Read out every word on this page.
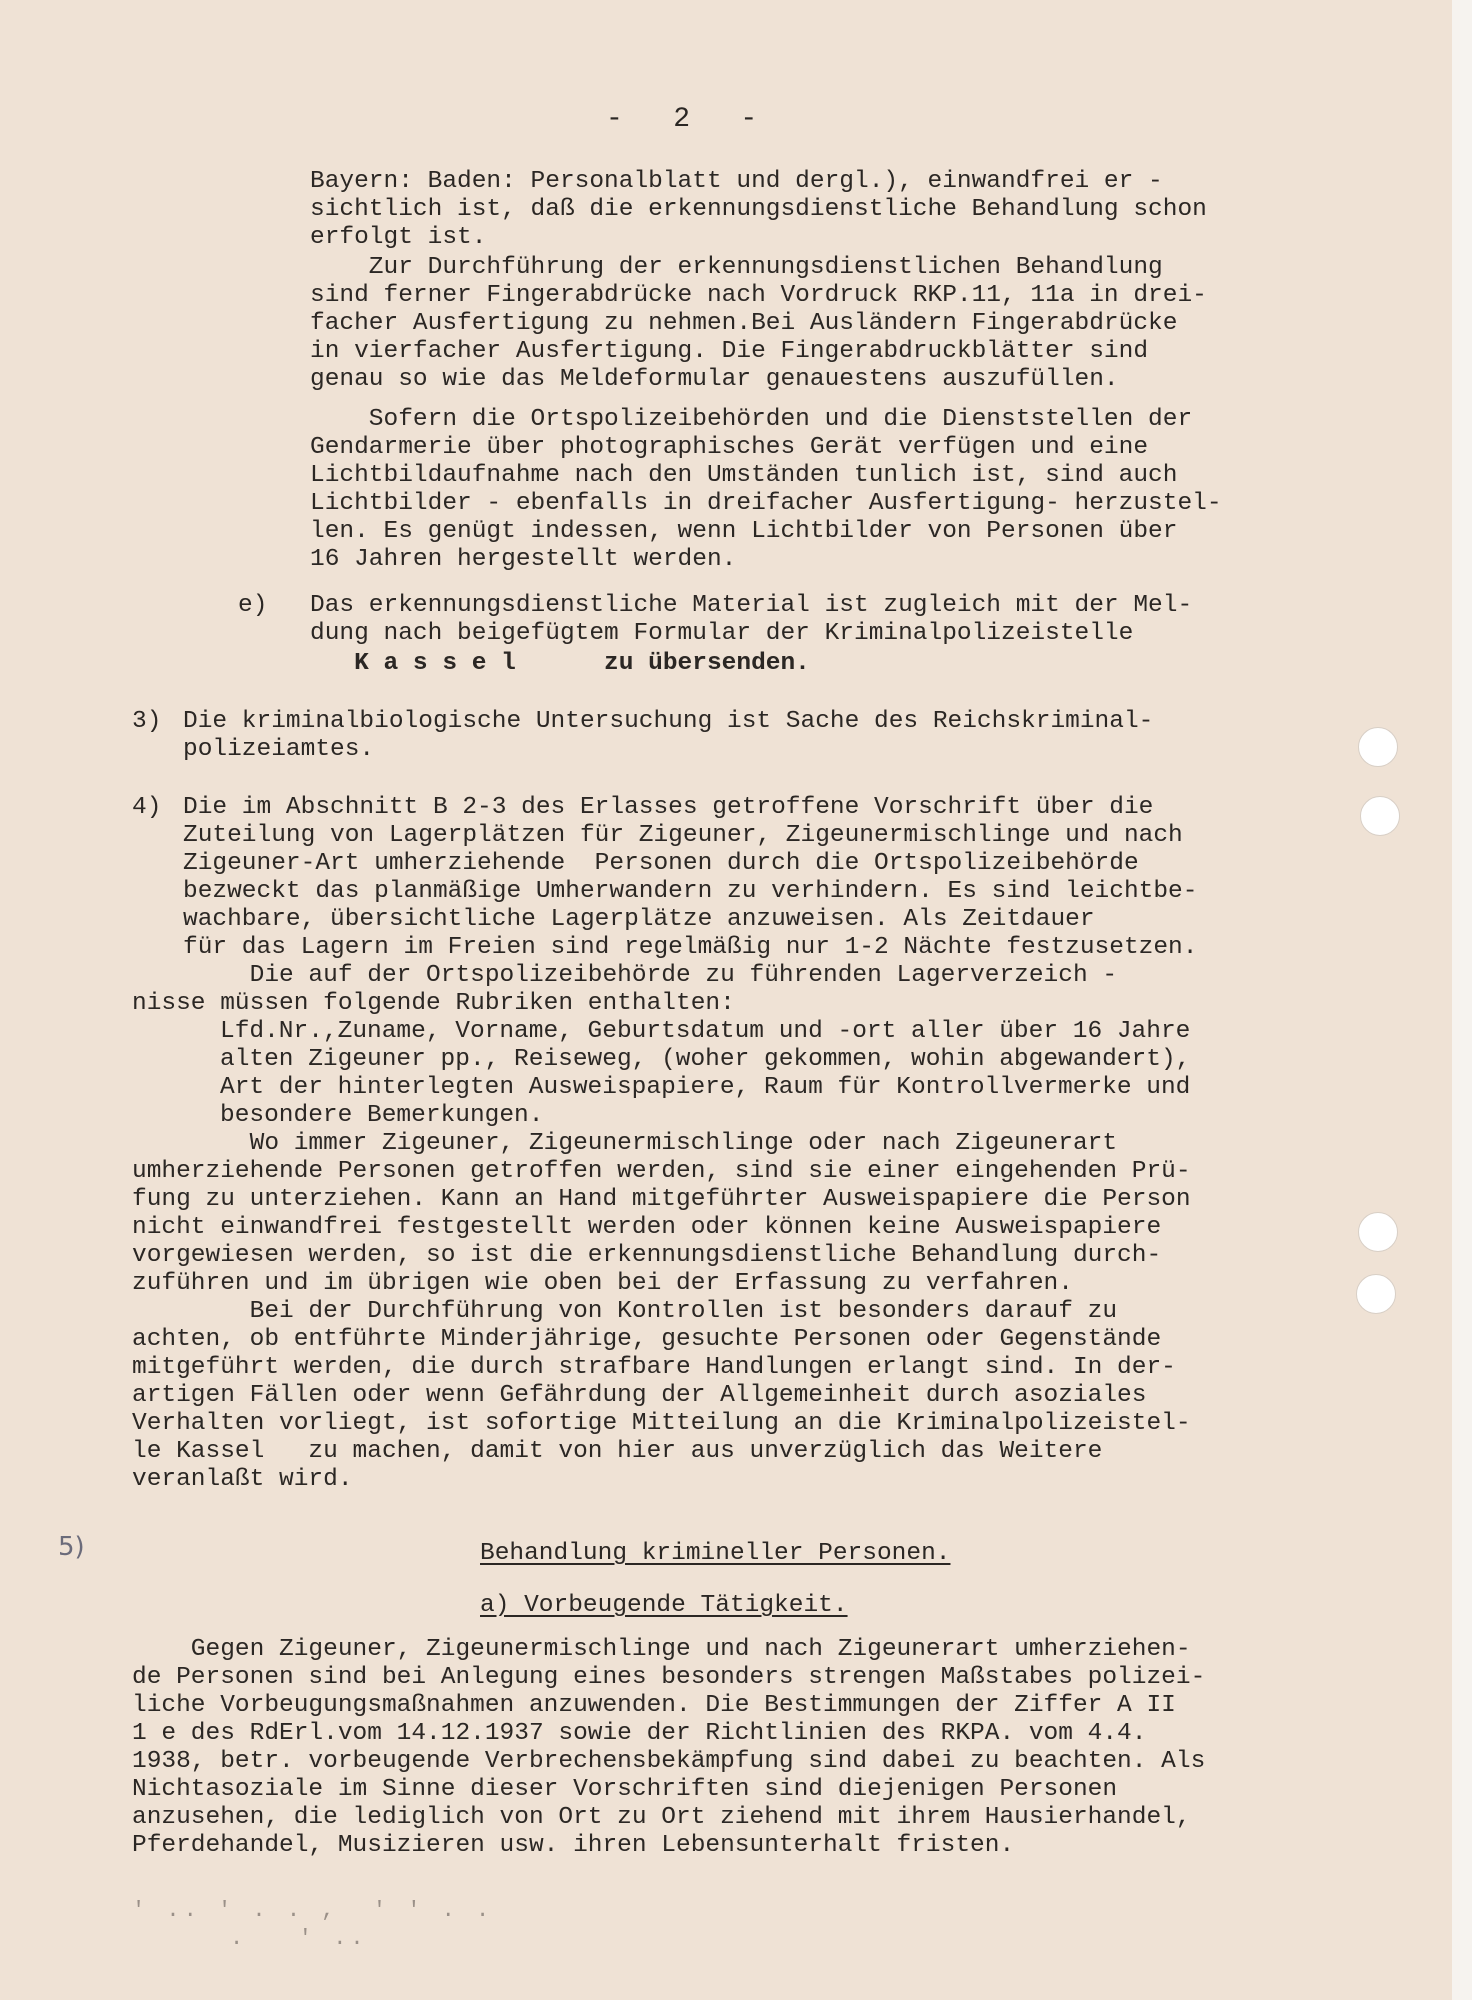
-   2   -
Bayern: Baden: Personalblatt und dergl.), einwandfrei er -
sichtlich ist, daß die erkennungsdienstliche Behandlung schon
erfolgt ist.
Zur Durchführung der erkennungsdienstlichen Behandlung
sind ferner Fingerabdrücke nach Vordruck RKP.11, 11a in drei-
facher Ausfertigung zu nehmen.Bei Ausländern Fingerabdrücke
in vierfacher Ausfertigung. Die Fingerabdruckblätter sind
genau so wie das Meldeformular genauestens auszufüllen.
Sofern die Ortspolizeibehörden und die Dienststellen der
Gendarmerie über photographisches Gerät verfügen und eine
Lichtbildaufnahme nach den Umständen tunlich ist, sind auch
Lichtbilder - ebenfalls in dreifacher Ausfertigung- herzustel-
len. Es genügt indessen, wenn Lichtbilder von Personen über
16 Jahren hergestellt werden.
e) Das erkennungsdienstliche Material ist zugleich mit der Mel-
dung nach beigefügtem Formular der Kriminalpolizeistelle
K a s s e l      zu übersenden.
3) Die kriminalbiologische Untersuchung ist Sache des Reichskriminal-
polizeiamtes.
4) Die im Abschnitt B 2-3 des Erlasses getroffene Vorschrift über die
Zuteilung von Lagerplätzen für Zigeuner, Zigeunermischlinge und nach
Zigeuner-Art umherziehende  Personen durch die Ortspolizeibehörde
bezweckt das planmäßige Umherwandern zu verhindern. Es sind leichtbe-
wachbare, übersichtliche Lagerplätze anzuweisen. Als Zeitdauer
für das Lagern im Freien sind regelmäßig nur 1-2 Nächte festzusetzen.
Die auf der Ortspolizeibehörde zu führenden Lagerverzeich -
nisse müssen folgende Rubriken enthalten:
Lfd.Nr.,Zuname, Vorname, Geburtsdatum und -ort aller über 16 Jahre
alten Zigeuner pp., Reiseweg, (woher gekommen, wohin abgewandert),
Art der hinterlegten Ausweispapiere, Raum für Kontrollvermerke und
besondere Bemerkungen.
Wo immer Zigeuner, Zigeunermischlinge oder nach Zigeunerart
umherziehende Personen getroffen werden, sind sie einer eingehenden Prü-
fung zu unterziehen. Kann an Hand mitgeführter Ausweispapiere die Person
nicht einwandfrei festgestellt werden oder können keine Ausweispapiere
vorgewiesen werden, so ist die erkennungsdienstliche Behandlung durch-
zuführen und im übrigen wie oben bei der Erfassung zu verfahren.
Bei der Durchführung von Kontrollen ist besonders darauf zu
achten, ob entführte Minderjährige, gesuchte Personen oder Gegenstände
mitgeführt werden, die durch strafbare Handlungen erlangt sind. In der-
artigen Fällen oder wenn Gefährdung der Allgemeinheit durch asoziales
Verhalten vorliegt, ist sofortige Mitteilung an die Kriminalpolizeistel-
le Kassel   zu machen, damit von hier aus unverzüglich das Weitere
veranlaßt wird.
5)	Behandlung krimineller Personen.
a) Vorbeugende Tätigkeit.
Gegen Zigeuner, Zigeunermischlinge und nach Zigeunerart umherziehen-
de Personen sind bei Anlegung eines besonders strengen Maßstabes polizei-
liche Vorbeugungsmaßnahmen anzuwenden. Die Bestimmungen der Ziffer A II
1 e des RdErl.vom 14.12.1937 sowie der Richtlinien des RKPA. vom 4.4.
1938, betr. vorbeugende Verbrechensbekämpfung sind dabei zu beachten. Als
Nichtasoziale im Sinne dieser Vorschriften sind diejenigen Personen
anzusehen, die lediglich von Ort zu Ort ziehend mit ihrem Hausierhandel,
Pferdehandel, Musizieren usw. ihren Lebensunterhalt fristen.
' .. ' . . ,  ' ' . .
.   ' ..
